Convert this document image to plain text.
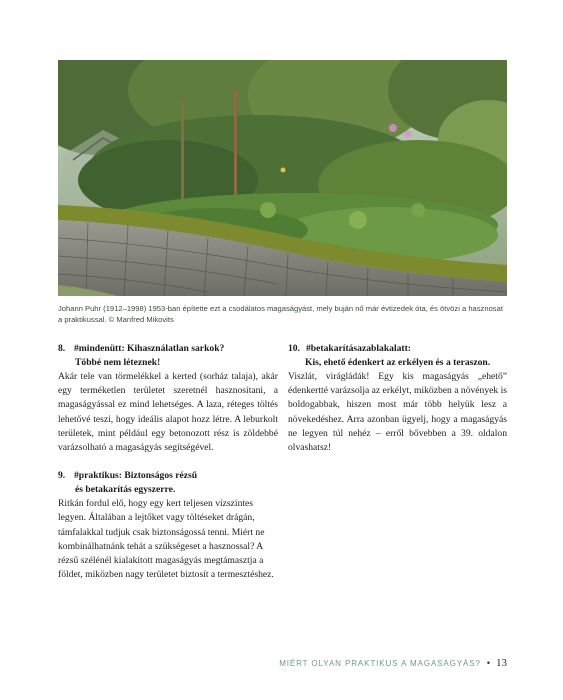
Johann Puhr (1912–1998) 1953-ban építette ezt a csodálatos magaságyást, mely buján nő már évtizedek óta, és ötvözi a hasznosat
a praktikussal. © Manfred Mikovits
8. #mindenütt: Kihasználatlan sarkok?
Többé nem léteznek!

Akár tele van törmelékkel a kerted (sorház talaja), akár egy terméketlen területet szeretnél hasznosítani, a magaságyással ez mind lehetséges. A laza, réteges töltés lehetővé teszi, hogy ideális alapot hozz létre. A leburkolt területek, mint például egy betonozott rész is zöldebbé varázsolható a magaságyás segítségével.

9. #praktikus: Biztonságos rézsű
és betakarítás egyszerre.

Ritkán fordul elő, hogy egy kert teljesen vízszintes legyen. Általában a lejtőket vagy töltéseket drágán, támfalakkal tudjuk csak biztonságossá tenni. Miért ne kombinálhatnánk tehát a szükségeset a hasznossal? A rézsű szélénél kialakított magaságyás megtámasztja a földet, miközben nagy területet biztosít a termesztéshez.

10. #betakarításazablakalatt:
Kis, ehető édenkert az erkélyen és a teraszon.

Viszlát, virágládák! Egy kis magaságyás „ehető” édenkertté varázsolja az erkélyt, miközben a növények is boldogabbak, hiszen most már több helyük lesz a növekedéshez. Arra azonban ügyelj, hogy a magaságyás ne legyen túl nehéz – erről bővebben a 39. oldalon olvashatsz!

MIÉRT OLYAN PRAKTIKUS A MAGASÁGYÁS? • 13
